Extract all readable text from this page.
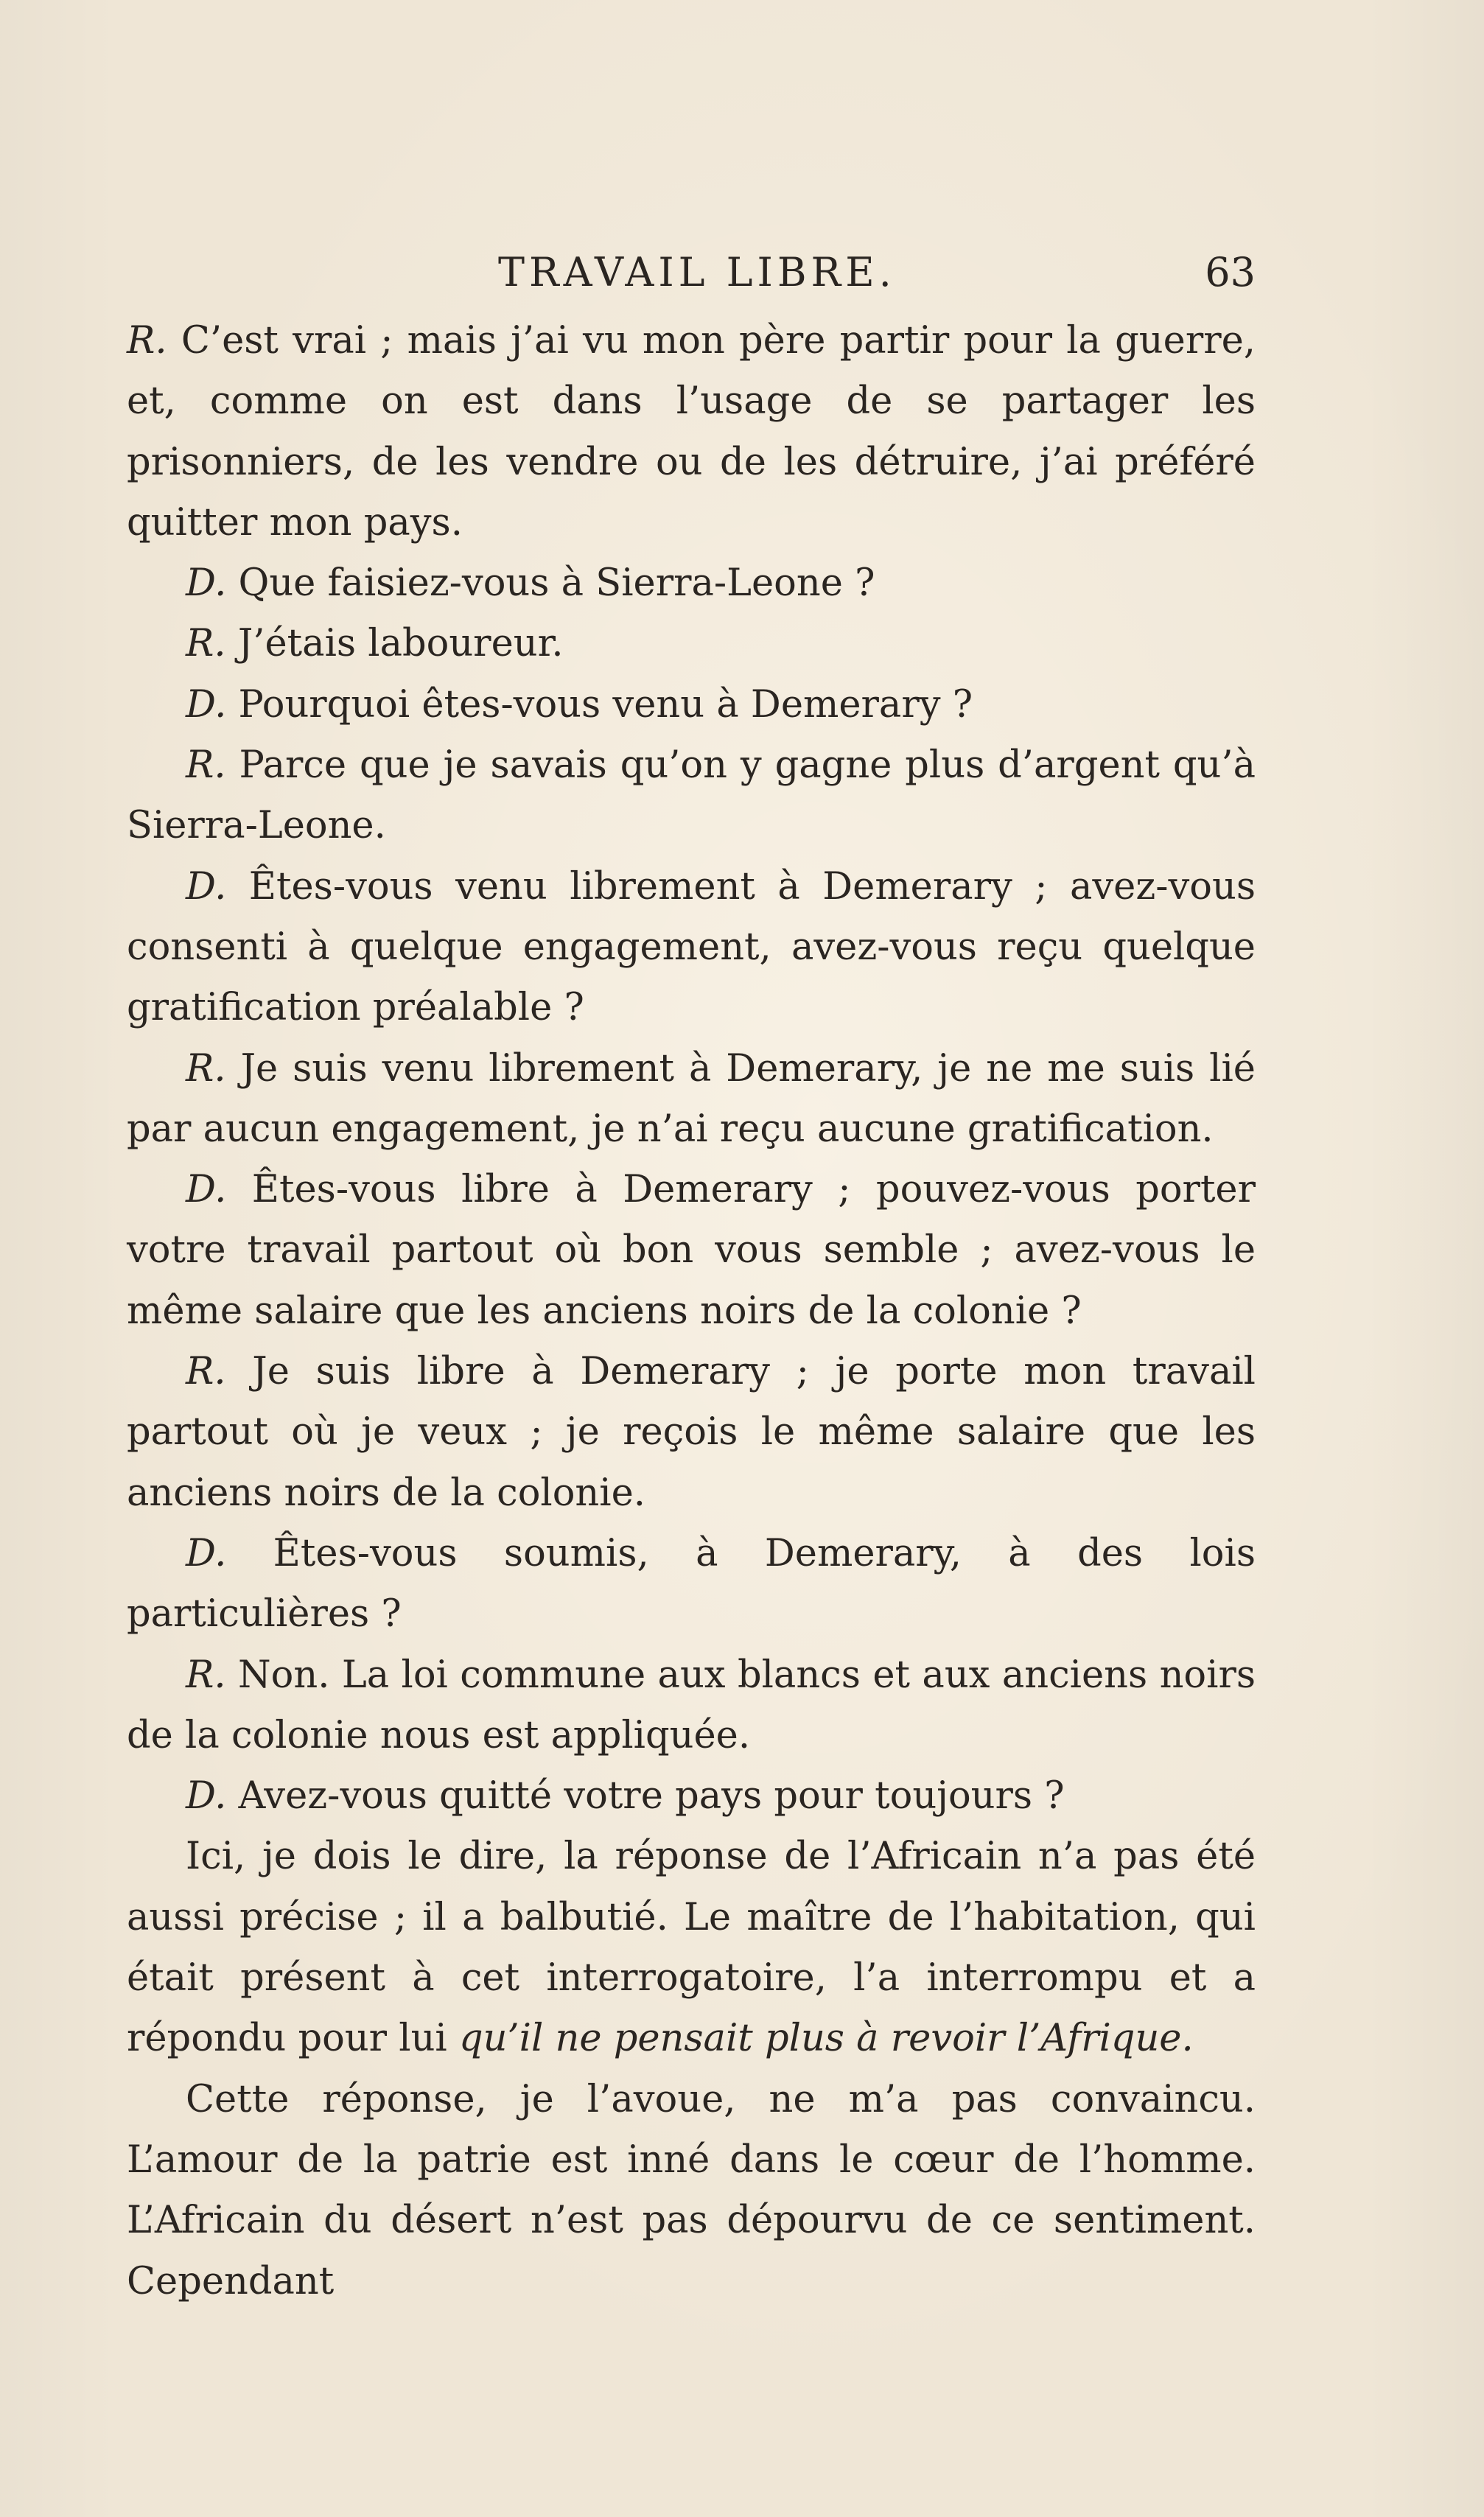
TRAVAIL LIBRE.	63

R. C’est vrai ; mais j’ai vu mon père partir pour la guerre, et, comme on est dans l’usage de se partager les prisonniers, de les vendre ou de les détruire, j’ai préféré quitter mon pays.

D. Que faisiez-vous à Sierra-Leone ?

R. J’étais laboureur.

D. Pourquoi êtes-vous venu à Demerary ?

R. Parce que je savais qu’on y gagne plus d’argent qu’à Sierra-Leone.

D. Êtes-vous venu librement à Demerary ; avez-vous consenti à quelque engagement, avez-vous reçu quelque gratification préalable ?

R. Je suis venu librement à Demerary, je ne me suis lié par aucun engagement, je n’ai reçu aucune gratification.

D. Êtes-vous libre à Demerary ; pouvez-vous porter votre travail partout où bon vous semble ; avez-vous le même salaire que les anciens noirs de la colonie ?

R. Je suis libre à Demerary ; je porte mon travail partout où je veux ; je reçois le même salaire que les anciens noirs de la colonie.

D. Êtes-vous soumis, à Demerary, à des lois particulières ?

R. Non. La loi commune aux blancs et aux anciens noirs de la colonie nous est appliquée.

D. Avez-vous quitté votre pays pour toujours ?

Ici, je dois le dire, la réponse de l’Africain n’a pas été aussi précise ; il a balbutié. Le maître de l’habitation, qui était présent à cet interrogatoire, l’a interrompu et a répondu pour lui qu’il ne pensait plus à revoir l’Afrique.

Cette réponse, je l’avoue, ne m’a pas convaincu. L’amour de la patrie est inné dans le cœur de l’homme. L’Africain du désert n’est pas dépourvu de ce sentiment. Cependant
